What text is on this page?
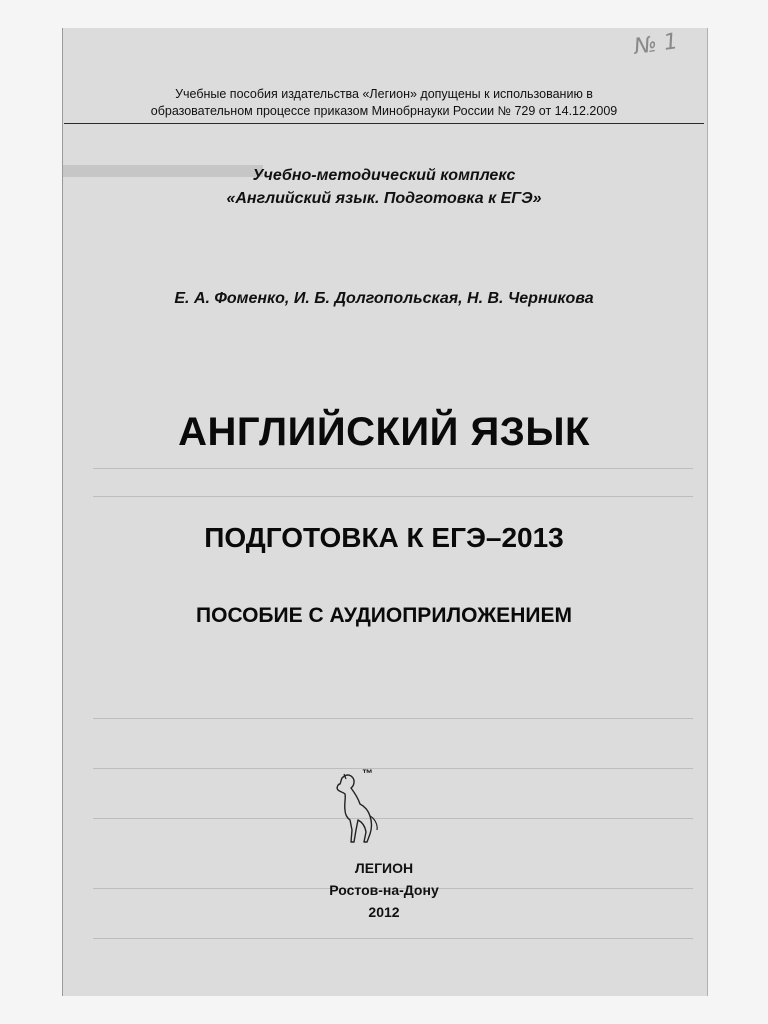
▬▬▬▬▬
№ 1
Учебные пособия издательства «Легион» допущены к использованию в
образовательном процессе приказом Минобрнауки России № 729 от 14.12.2009
Учебно-методический комплекс
«Английский язык. Подготовка к ЕГЭ»
Е. А. Фоменко, И. Б. Долгопольская, Н. В. Черникова
АНГЛИЙСКИЙ ЯЗЫК
ПОДГОТОВКА К ЕГЭ–2013
ПОСОБИЕ С АУДИОПРИЛОЖЕНИЕМ
™
ЛЕГИОН
Ростов-на-Дону
2012
